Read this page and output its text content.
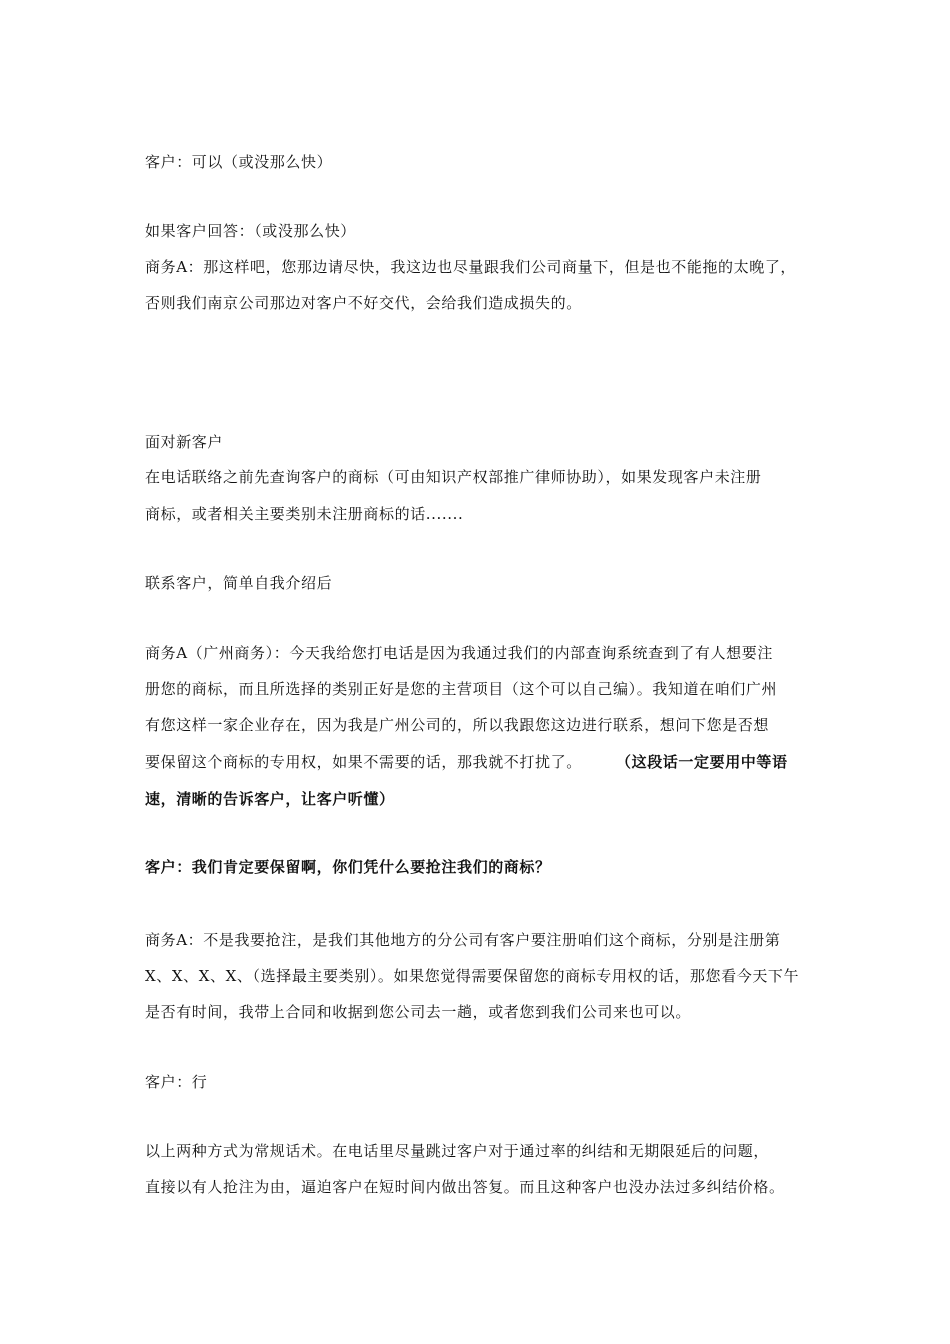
客户：可以（或没那么快）
如果客户回答：（或没那么快）
商务A：那这样吧，您那边请尽快，我这边也尽量跟我们公司商量下，但是也不能拖的太晚了，
否则我们南京公司那边对客户不好交代，会给我们造成损失的。
面对新客户
在电话联络之前先查询客户的商标（可由知识产权部推广律师协助），如果发现客户未注册
商标，或者相关主要类别未注册商标的话.......
联系客户，简单自我介绍后
商务A（广州商务）：今天我给您打电话是因为我通过我们的内部查询系统查到了有人想要注
册您的商标，而且所选择的类别正好是您的主营项目（这个可以自己编）。我知道在咱们广州
有您这样一家企业存在，因为我是广州公司的，所以我跟您这边进行联系，想问下您是否想
要保留这个商标的专用权，如果不需要的话，那我就不打扰了。 （这段话一定要用中等语
速，清晰的告诉客户，让客户听懂）
客户：我们肯定要保留啊，你们凭什么要抢注我们的商标？
商务A：不是我要抢注，是我们其他地方的分公司有客户要注册咱们这个商标，分别是注册第
X、X、X、X、（选择最主要类别）。如果您觉得需要保留您的商标专用权的话，那您看今天下午
是否有时间，我带上合同和收据到您公司去一趟，或者您到我们公司来也可以。
客户：行
以上两种方式为常规话术。在电话里尽量跳过客户对于通过率的纠结和无期限延后的问题，
直接以有人抢注为由，逼迫客户在短时间内做出答复。而且这种客户也没办法过多纠结价格。
